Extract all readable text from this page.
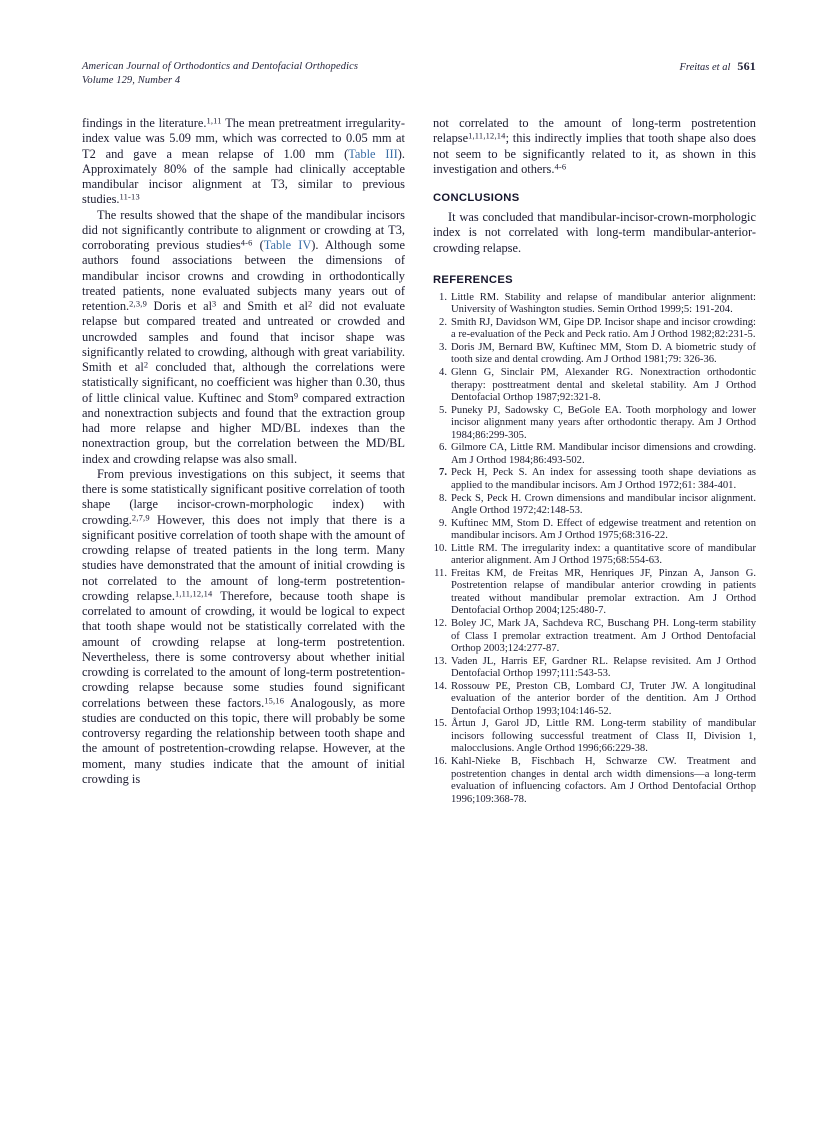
American Journal of Orthodontics and Dentofacial Orthopedics
Volume 129, Number 4
Freitas et al 561

findings in the literature.$^{1,11}$ The mean pretreatment irregularity-index value was 5.09 mm, which was corrected to 0.05 mm at T2 and gave a mean relapse of 1.00 mm (Table III). Approximately 80% of the sample had clinically acceptable mandibular incisor alignment at T3, similar to previous studies.$^{11-13}$

The results showed that the shape of the mandibular incisors did not significantly contribute to alignment or crowding at T3, corroborating previous studies$^{4-6}$ (Table IV). Although some authors found associations between the dimensions of mandibular incisor crowns and crowding in orthodontically treated patients, none evaluated subjects many years out of retention.$^{2,3,9}$ Doris et $al^3$ and Smith et $al^2$ did not evaluate relapse but compared treated and untreated or crowded and uncrowded samples and found that incisor shape was significantly related to crowding, although with great variability. Smith et $al^2$ concluded that, although the correlations were statistically significant, no coefficient was higher than 0.30, thus of little clinical value. Kuftinec and Stom$^9$ compared extraction and nonextraction subjects and found that the extraction group had more relapse and higher MD/BL indexes than the nonextraction group, but the correlation between the MD/BL index and crowding relapse was also small.

From previous investigations on this subject, it seems that there is some statistically significant positive correlation of tooth shape (large incisor-crown-morphologic index) with crowding.$^{2,7,9}$ However, this does not imply that there is a significant positive correlation of tooth shape with the amount of crowding relapse of treated patients in the long term. Many studies have demonstrated that the amount of initial crowding is not correlated to the amount of long-term postretention-crowding relapse.$^{1,11,12,14}$ Therefore, because tooth shape is correlated to amount of crowding, it would be logical to expect that tooth shape would not be statistically correlated with the amount of crowding relapse at long-term postretention. Nevertheless, there is some controversy about whether initial crowding is correlated to the amount of long-term postretention-crowding relapse because some studies found significant correlations between these factors.$^{15,16}$ Analogously, as more studies are conducted on this topic, there will probably be some controversy regarding the relationship between tooth shape and the amount of postretention-crowding relapse. However, at the moment, many studies indicate that the amount of initial crowding is

not correlated to the amount of long-term postretention relapse$^{1,11,12,14}$; this indirectly implies that tooth shape also does not seem to be significantly related to it, as shown in this investigation and others.$^{4-6}$

CONCLUSIONS

It was concluded that mandibular-incisor-crown-morphologic index is not correlated with long-term mandibular-anterior-crowding relapse.

REFERENCES
1. Little RM. Stability and relapse of mandibular anterior alignment: University of Washington studies. Semin Orthod 1999;5: 191-204.
2. Smith RJ, Davidson WM, Gipe DP. Incisor shape and incisor crowding: a re-evaluation of the Peck and Peck ratio. Am J Orthod 1982;82:231-5.
3. Doris JM, Bernard BW, Kuftinec MM, Stom D. A biometric study of tooth size and dental crowding. Am J Orthod 1981;79: 326-36.
4. Glenn G, Sinclair PM, Alexander RG. Nonextraction orthodontic therapy: posttreatment dental and skeletal stability. Am J Orthod Dentofacial Orthop 1987;92:321-8.
5. Puneky PJ, Sadowsky C, BeGole EA. Tooth morphology and lower incisor alignment many years after orthodontic therapy. Am J Orthod 1984;86:299-305.
6. Gilmore CA, Little RM. Mandibular incisor dimensions and crowding. Am J Orthod 1984;86:493-502.
7. Peck H, Peck S. An index for assessing tooth shape deviations as applied to the mandibular incisors. Am J Orthod 1972;61: 384-401.
8. Peck S, Peck H. Crown dimensions and mandibular incisor alignment. Angle Orthod 1972;42:148-53.
9. Kuftinec MM, Stom D. Effect of edgewise treatment and retention on mandibular incisors. Am J Orthod 1975;68:316-22.
10. Little RM. The irregularity index: a quantitative score of mandibular anterior alignment. Am J Orthod 1975;68:554-63.
11. Freitas KM, de Freitas MR, Henriques JF, Pinzan A, Janson G. Postretention relapse of mandibular anterior crowding in patients treated without mandibular premolar extraction. Am J Orthod Dentofacial Orthop 2004;125:480-7.
12. Boley JC, Mark JA, Sachdeva RC, Buschang PH. Long-term stability of Class I premolar extraction treatment. Am J Orthod Dentofacial Orthop 2003;124:277-87.
13. Vaden JL, Harris EF, Gardner RL. Relapse revisited. Am J Orthod Dentofacial Orthop 1997;111:543-53.
14. Rossouw PE, Preston CB, Lombard CJ, Truter JW. A longitudinal evaluation of the anterior border of the dentition. Am J Orthod Dentofacial Orthop 1993;104:146-52.
15. Årtun J, Garol JD, Little RM. Long-term stability of mandibular incisors following successful treatment of Class II, Division 1, malocclusions. Angle Orthod 1996;66:229-38.
16. Kahl-Nieke B, Fischbach H, Schwarze CW. Treatment and postretention changes in dental arch width dimensions—a long-term evaluation of influencing cofactors. Am J Orthod Dentofacial Orthop 1996;109:368-78.
